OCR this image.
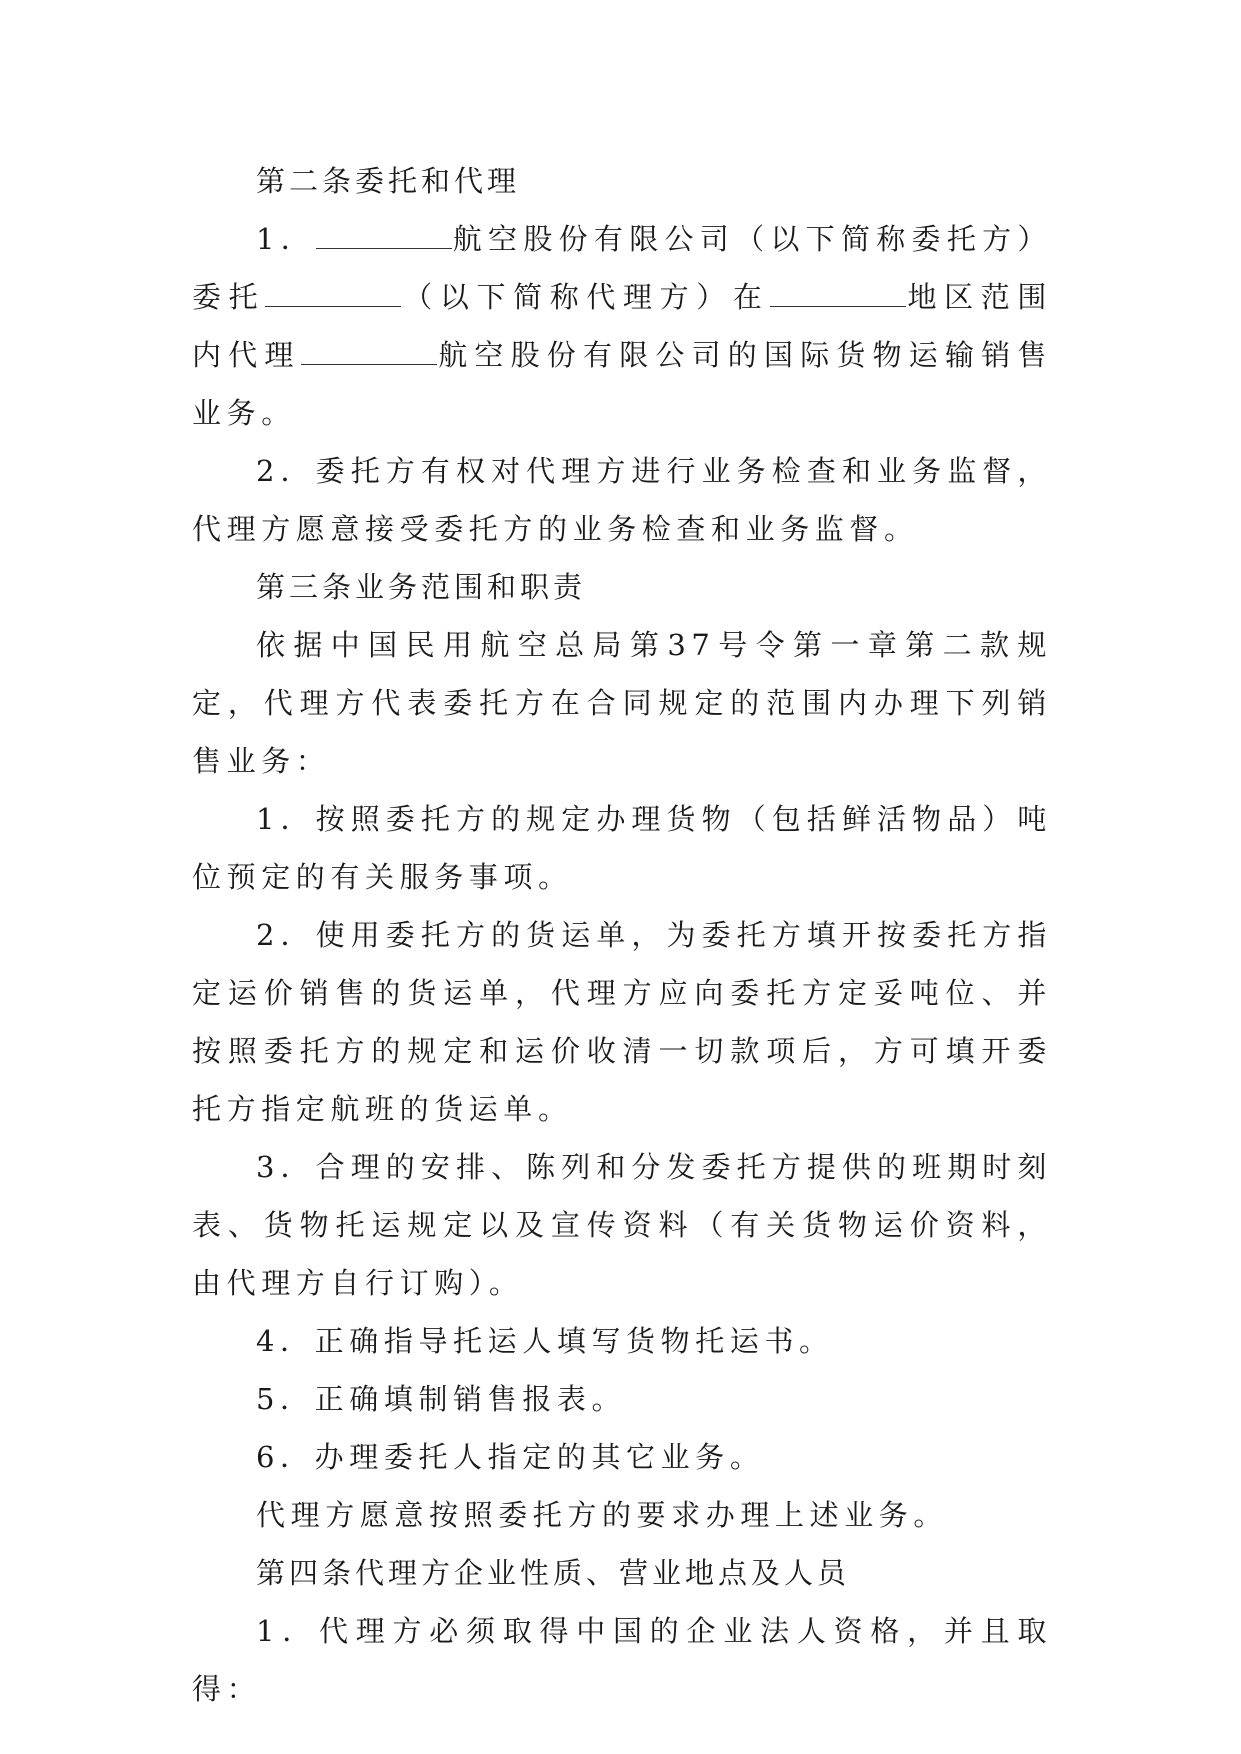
第二条委托和代理

1．	航空股份有限公司（以下简称委托方）委托	（以下简称代理方）在	地区范围内代理	航空股份有限公司的国际货物运输销售业务。

2．委托方有权对代理方进行业务检查和业务监督，代理方愿意接受委托方的业务检查和业务监督。

第三条业务范围和职责

依据中国民用航空总局第37号令第一章第二款规定，代理方代表委托方在合同规定的范围内办理下列销售业务：

1．按照委托方的规定办理货物（包括鲜活物品）吨位预定的有关服务事项。

2．使用委托方的货运单，为委托方填开按委托方指定运价销售的货运单，代理方应向委托方定妥吨位、并按照委托方的规定和运价收清一切款项后，方可填开委托方指定航班的货运单。

3．合理的安排、陈列和分发委托方提供的班期时刻表、货物托运规定以及宣传资料（有关货物运价资料，由代理方自行订购）。

4．正确指导托运人填写货物托运书。

5．正确填制销售报表。

6．办理委托人指定的其它业务。

代理方愿意按照委托方的要求办理上述业务。

第四条代理方企业性质、营业地点及人员

1．代理方必须取得中国的企业法人资格，并且取得：
